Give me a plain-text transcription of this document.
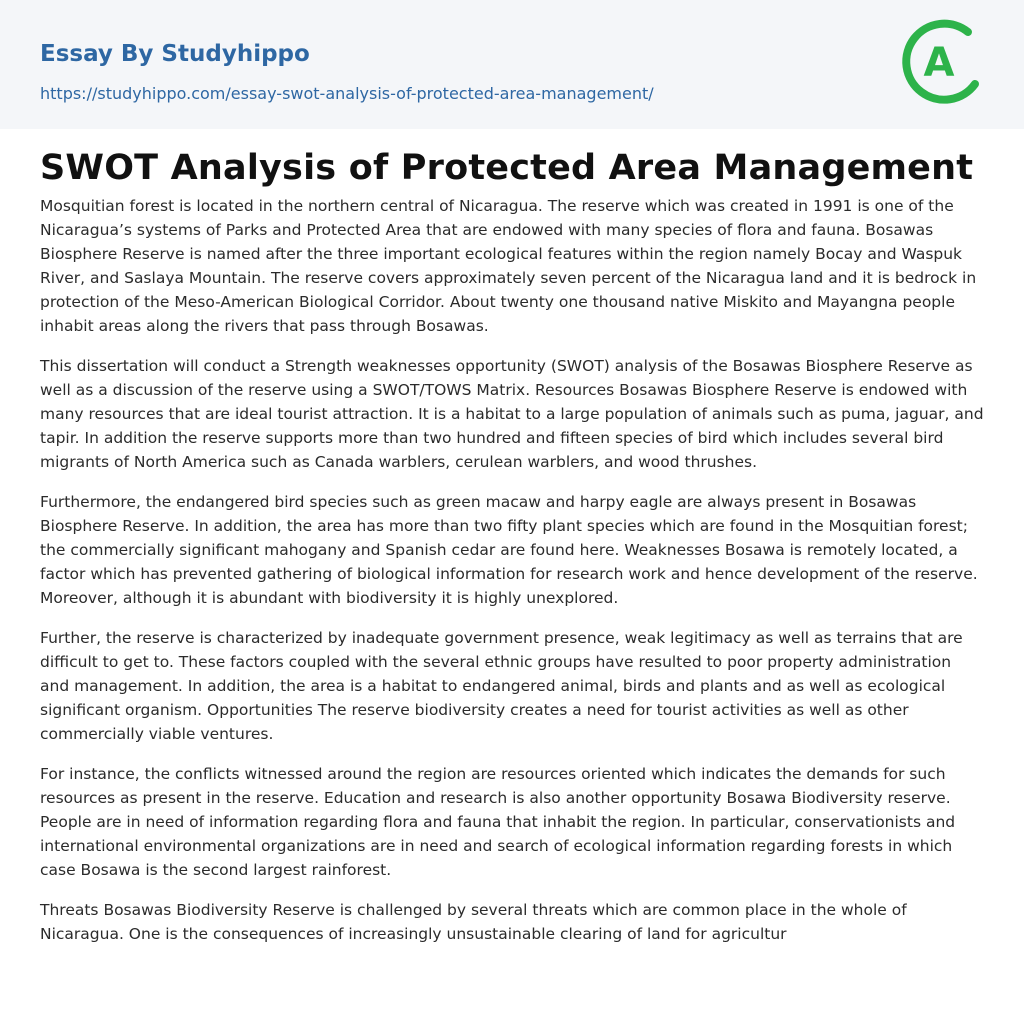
Essay By Studyhippo
https://studyhippo.com/essay-swot-analysis-of-protected-area-management/
A
SWOT Analysis of Protected Area Management

Mosquitian forest is located in the northern central of Nicaragua. The reserve which was created in 1991 is one of the Nicaragua’s systems of Parks and Protected Area that are endowed with many species of flora and fauna. Bosawas Biosphere Reserve is named after the three important ecological features within the region namely Bocay and Waspuk River, and Saslaya Mountain. The reserve covers approximately seven percent of the Nicaragua land and it is bedrock in protection of the Meso-American Biological Corridor. About twenty one thousand native Miskito and Mayangna people inhabit areas along the rivers that pass through Bosawas.

This dissertation will conduct a Strength weaknesses opportunity (SWOT) analysis of the Bosawas Biosphere Reserve as well as a discussion of the reserve using a SWOT/TOWS Matrix. Resources Bosawas Biosphere Reserve is endowed with many resources that are ideal tourist attraction. It is a habitat to a large population of animals such as puma, jaguar, and tapir. In addition the reserve supports more than two hundred and fifteen species of bird which includes several bird migrants of North America such as Canada warblers, cerulean warblers, and wood thrushes.

Furthermore, the endangered bird species such as green macaw and harpy eagle are always present in Bosawas Biosphere Reserve. In addition, the area has more than two fifty plant species which are found in the Mosquitian forest; the commercially significant mahogany and Spanish cedar are found here. Weaknesses Bosawa is remotely located, a factor which has prevented gathering of biological information for research work and hence development of the reserve. Moreover, although it is abundant with biodiversity it is highly unexplored.

Further, the reserve is characterized by inadequate government presence, weak legitimacy as well as terrains that are difficult to get to. These factors coupled with the several ethnic groups have resulted to poor property administration and management. In addition, the area is a habitat to endangered animal, birds and plants and as well as ecological significant organism. Opportunities The reserve biodiversity creates a need for tourist activities as well as other commercially viable ventures.

For instance, the conflicts witnessed around the region are resources oriented which indicates the demands for such resources as present in the reserve. Education and research is also another opportunity Bosawa Biodiversity reserve. People are in need of information regarding flora and fauna that inhabit the region. In particular, conservationists and international environmental organizations are in need and search of ecological information regarding forests in which case Bosawa is the second largest rainforest.

Threats Bosawas Biodiversity Reserve is challenged by several threats which are common place in the whole of Nicaragua. One is the consequences of increasingly unsustainable clearing of land for agricultur
